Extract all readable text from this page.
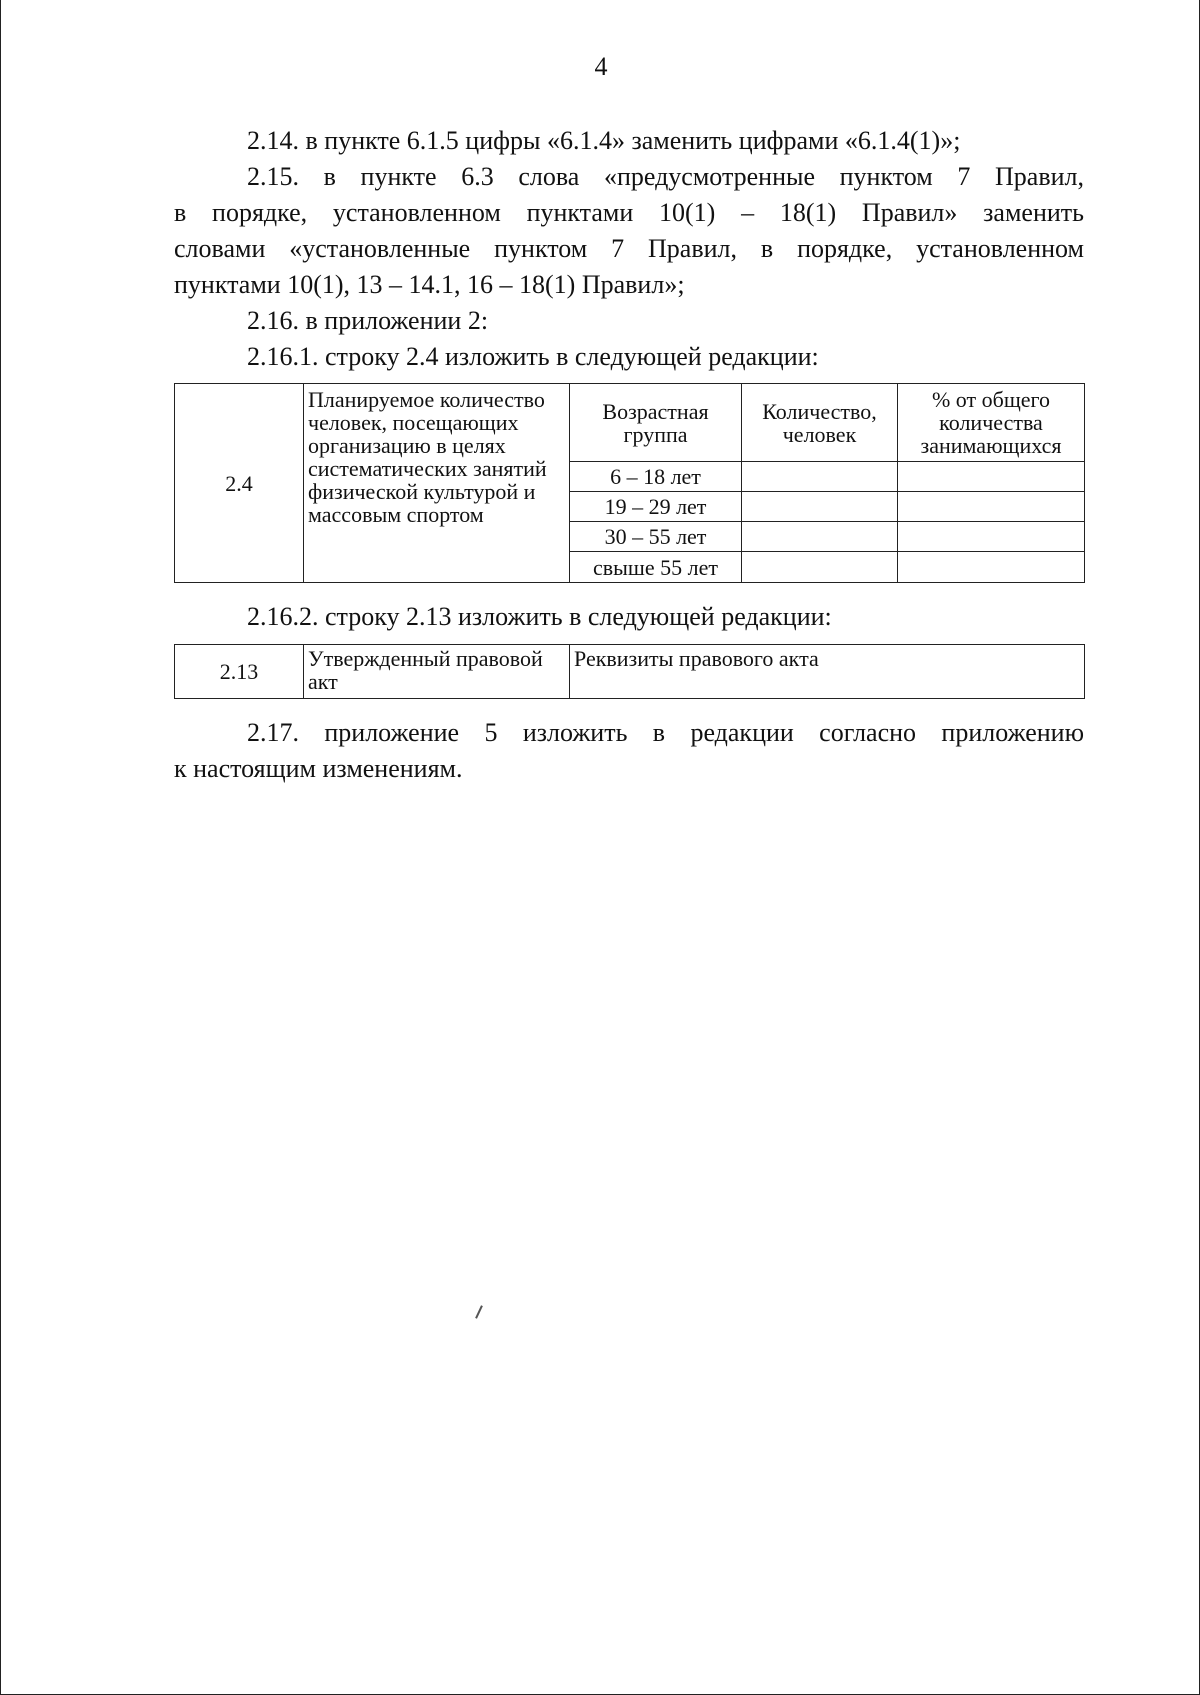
4
2.14. в пункте 6.1.5 цифры «6.1.4» заменить цифрами «6.1.4(1)»;
2.15. в пункте 6.3 слова «предусмотренные пунктом 7 Правил,
в порядке, установленном пунктами 10(1) – 18(1) Правил» заменить
словами «установленные пунктом 7 Правил, в порядке, установленном
пунктами 10(1), 13 – 14.1, 16 – 18(1) Правил»;
2.16. в приложении 2:
2.16.1. строку 2.4 изложить в следующей редакции:
2.4	Планируемое количество человек, посещающих организацию в целях систематических занятий физической культурой и массовым спортом	Возрастная группа	Количество, человек	% от общего количества занимающихся
		6 – 18 лет		
		19 – 29 лет		
		30 – 55 лет		
		свыше 55 лет		
2.16.2. строку 2.13 изложить в следующей редакции:
2.13	Утвержденный правовой акт	Реквизиты правового акта
2.17. приложение 5 изложить в редакции согласно приложению
к настоящим изменениям.
